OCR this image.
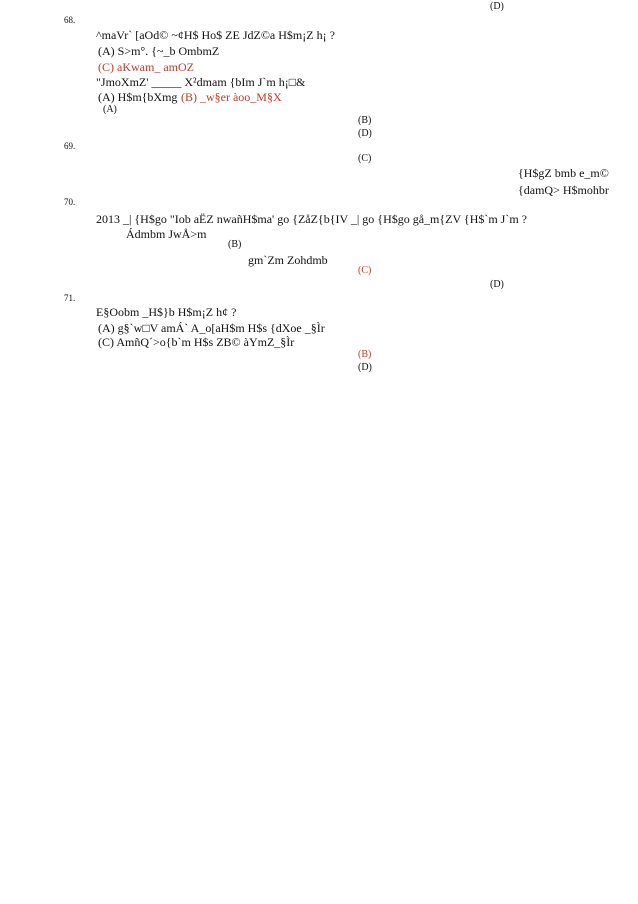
(D)
68.
^maVr` [aOd© ~¢H$ Ho$ ZE JdZ©a H$m¡Z h¡ ?
(A) S>m°. {~_b OmbmZ
(C) aKwam_ amOZ
"JmoXmZ' _____ X²dmam {bIm J`m h¡□&
(A) H$m{bXmg (B) _w§er àoo_M§X
(A)
(B)
(D)
69.
(C)
{H$gZ bmb e_m©
{damQ> H$mohbr
70.
2013 _| {H$go "Iob aËZ nwañH$ma' go {ZåZ{b{IV _| go {H$go gå_m{ZV {H$`m J`m ?
Ádmbm JwÅ>m
(B)
gm`Zm Zohdmb
(C)
(D)
71.
E§Oobm _H$}b H$m¡Z h¢ ?
(A) g§`w□V amÁ` A_o[aH$m H$s {dXoe _§Ìr
(C) AmñQ´>o{b`m H$s ZB© àYmZ_§Ìr
(B)
(D)
